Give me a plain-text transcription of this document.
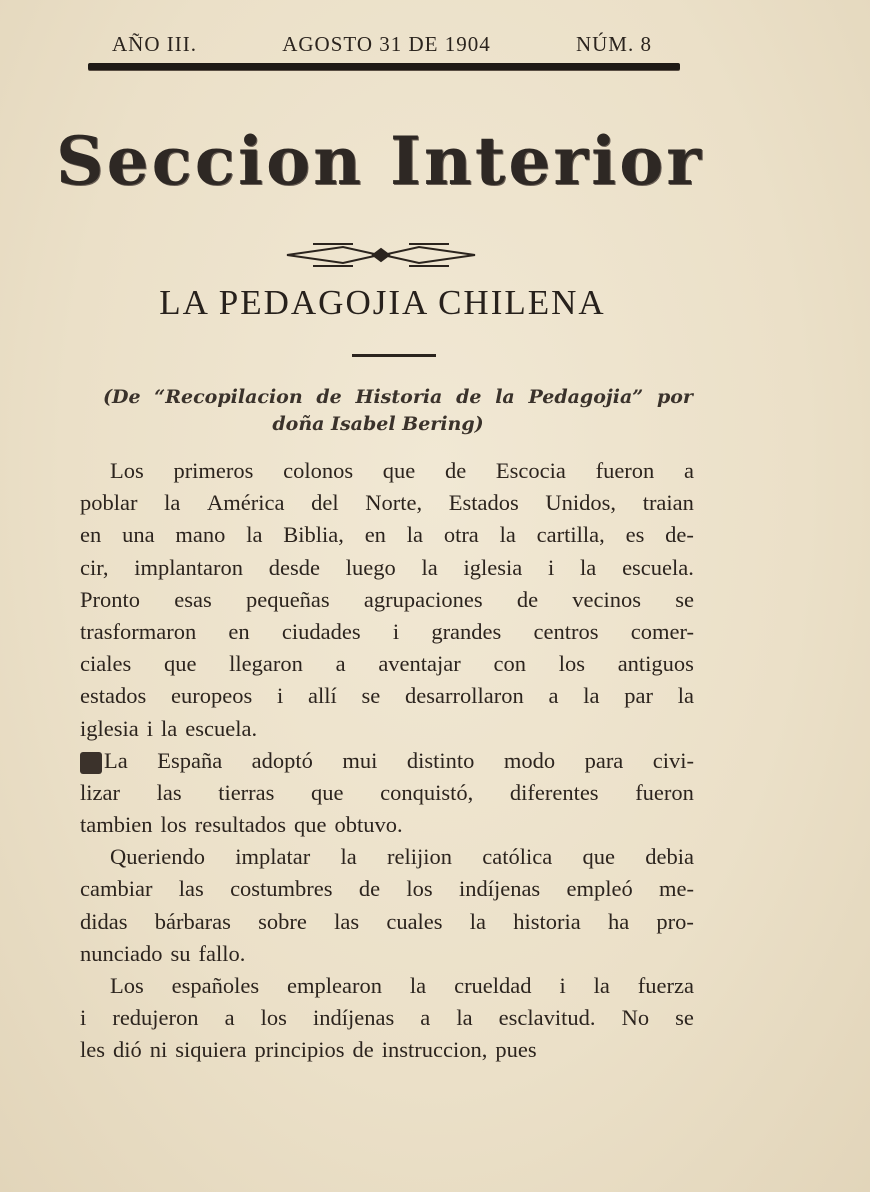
AÑO III.	AGOSTO 31 DE 1904	NÚM. 8
Seccion Interior
LA PEDAGOJIA CHILENA
(De “Recopilacion de Historia de la Pedagojia” por
doña Isabel Bering)
Los primeros colonos que de Escocia fueron a
poblar la América del Norte, Estados Unidos, traian
en una mano la Biblia, en la otra la cartilla, es de-
cir, implantaron desde luego la iglesia i la escuela.
Pronto esas pequeñas agrupaciones de vecinos se
trasformaron en ciudades i grandes centros comer-
ciales que llegaron a aventajar con los antiguos
estados europeos i allí se desarrollaron a la par la
iglesia i la escuela.
La España adoptó mui distinto modo para civi-
lizar las tierras que conquistó, diferentes fueron
tambien los resultados que obtuvo.
Queriendo implatar la relijion católica que debia
cambiar las costumbres de los indíjenas empleó me-
didas bárbaras sobre las cuales la historia ha pro-
nunciado su fallo.
Los españoles emplearon la crueldad i la fuerza
i redujeron a los indíjenas a la esclavitud. No se
les dió ni siquiera principios de instruccion, pues
